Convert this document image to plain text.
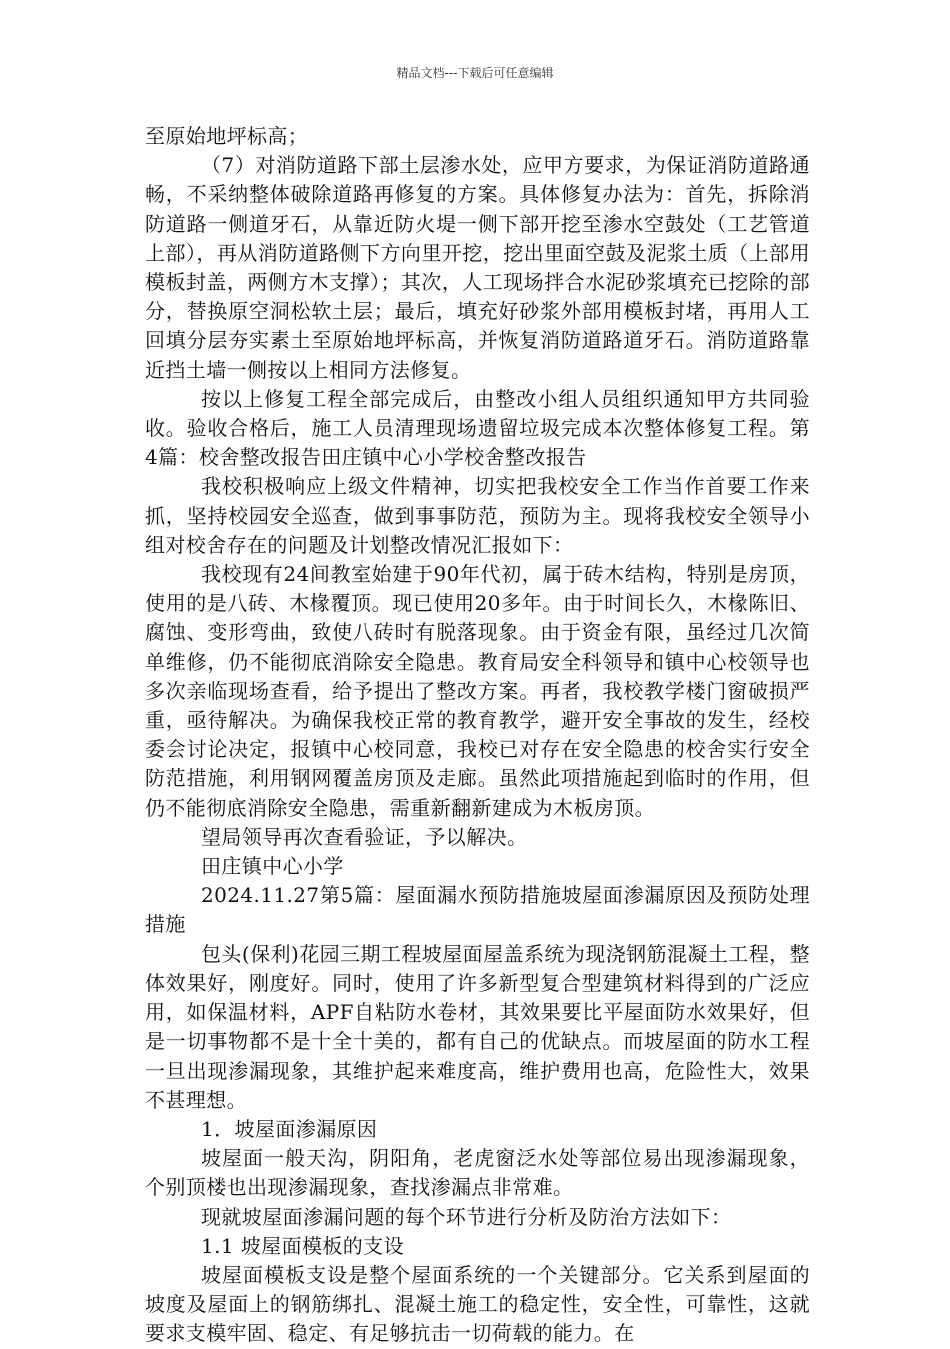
精品文档---下载后可任意编辑

至原始地坪标高；

（7）对消防道路下部土层渗水处，应甲方要求，为保证消防道路通畅，不采纳整体破除道路再修复的方案。具体修复办法为：首先，拆除消防道路一侧道牙石，从靠近防火堤一侧下部开挖至渗水空鼓处（工艺管道上部），再从消防道路侧下方向里开挖，挖出里面空鼓及泥浆土质（上部用模板封盖，两侧方木支撑）；其次，人工现场拌合水泥砂浆填充已挖除的部分，替换原空洞松软土层；最后，填充好砂浆外部用模板封堵，再用人工回填分层夯实素土至原始地坪标高，并恢复消防道路道牙石。消防道路靠近挡土墙一侧按以上相同方法修复。

按以上修复工程全部完成后，由整改小组人员组织通知甲方共同验收。验收合格后，施工人员清理现场遗留垃圾完成本次整体修复工程。第4篇：校舍整改报告田庄镇中心小学校舍整改报告

我校积极响应上级文件精神，切实把我校安全工作当作首要工作来抓，坚持校园安全巡查，做到事事防范，预防为主。现将我校安全领导小组对校舍存在的问题及计划整改情况汇报如下：

我校现有24间教室始建于90年代初，属于砖木结构，特别是房顶，使用的是八砖、木椽覆顶。现已使用20多年。由于时间长久，木椽陈旧、腐蚀、变形弯曲，致使八砖时有脱落现象。由于资金有限，虽经过几次简单维修，仍不能彻底消除安全隐患。教育局安全科领导和镇中心校领导也多次亲临现场查看，给予提出了整改方案。再者，我校教学楼门窗破损严重，亟待解决。为确保我校正常的教育教学，避开安全事故的发生，经校委会讨论决定，报镇中心校同意，我校已对存在安全隐患的校舍实行安全防范措施，利用钢网覆盖房顶及走廊。虽然此项措施起到临时的作用，但仍不能彻底消除安全隐患，需重新翻新建成为木板房顶。

望局领导再次查看验证，予以解决。

田庄镇中心小学

2024.11.27第5篇：屋面漏水预防措施坡屋面渗漏原因及预防处理措施

包头(保利)花园三期工程坡屋面屋盖系统为现浇钢筋混凝土工程，整体效果好，刚度好。同时，使用了许多新型复合型建筑材料得到的广泛应用，如保温材料，APF自粘防水卷材，其效果要比平屋面防水效果好，但是一切事物都不是十全十美的，都有自己的优缺点。而坡屋面的防水工程一旦出现渗漏现象，其维护起来难度高，维护费用也高，危险性大，效果不甚理想。

1．坡屋面渗漏原因

坡屋面一般天沟，阴阳角，老虎窗泛水处等部位易出现渗漏现象，个别顶楼也出现渗漏现象，查找渗漏点非常难。

现就坡屋面渗漏问题的每个环节进行分析及防治方法如下：

1.1 坡屋面模板的支设

坡屋面模板支设是整个屋面系统的一个关键部分。它关系到屋面的坡度及屋面上的钢筋绑扎、混凝土施工的稳定性，安全性，可靠性，这就要求支模牢固、稳定、有足够抗击一切荷载的能力。在
